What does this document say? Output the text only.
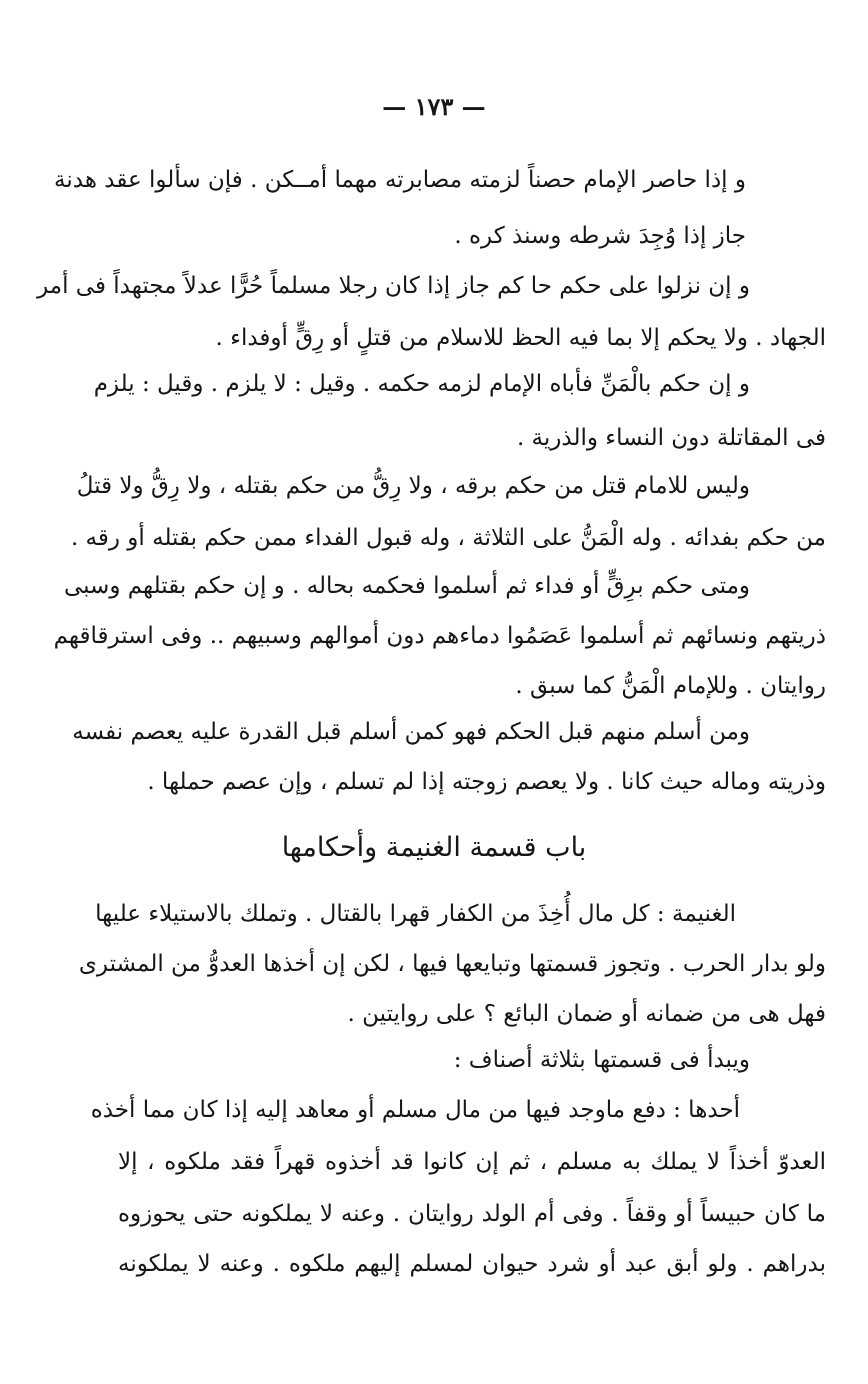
— ١٧٣ —
و إذا حاصر الإمام حصناً لزمته مصابرته مهما أمــكن . فإن سألوا عقد هدنة
جاز إذا وُجِدَ شرطه وسنذ كره .
و إن نزلوا على حكم حا كم جاز إذا كان رجلا مسلماً حُرًّا عدلاً مجتهداً فى أمر
الجهاد . ولا يحكم إلا بما فيه الحظ للاسلام من قتلٍ أو رِقٍّ أوفداء .
و إن حكم بالْمَنِّ فأباه الإمام لزمه حكمه . وقيل : لا يلزم . وقيل : يلزم
فى المقاتلة دون النساء والذرية .
وليس للامام قتل من حكم برقه ، ولا رِقُّ من حكم بقتله ، ولا رِقُّ ولا قتلُ
من حكم بفدائه . وله الْمَنُّ على الثلاثة ، وله قبول الفداء ممن حكم بقتله أو رقه .
ومتى حكم برِقٍّ أو فداء ثم أسلموا فحكمه بحاله . و إن حكم بقتلهم وسبى
ذريتهم ونسائهم ثم أسلموا عَصَمُوا دماءهم دون أموالهم وسبيهم .. وفى استرقاقهم
روايتان . وللإمام الْمَنُّ كما سبق .
ومن أسلم منهم قبل الحكم فهو كمن أسلم قبل القدرة عليه يعصم نفسه
وذريته وماله حيث كانا . ولا يعصم زوجته إذا لم تسلم ، وإن عصم حملها .
باب قسمة الغنيمة وأحكامها
الغنيمة : كل مال أُخِذَ من الكفار قهرا بالقتال . وتملك بالاستيلاء عليها
ولو بدار الحرب . وتجوز قسمتها وتبايعها فيها ، لكن إن أخذها العدوُّ من المشترى
فهل هى من ضمانه أو ضمان البائع ؟ على روايتين .
ويبدأ فى قسمتها بثلاثة أصناف :
أحدها : دفع ماوجد فيها من مال مسلم أو معاهد إليه إذا كان مما أخذه
العدوّ أخذاً لا يملك به مسلم ، ثم إن كانوا قد أخذوه قهراً فقد ملكوه ، إلا
ما كان حبيساً أو وقفاً . وفى أم الولد روايتان . وعنه لا يملكونه حتى يحوزوه
بدراهم . ولو أبق عبد أو شرد حيوان لمسلم إليهم ملكوه . وعنه لا يملكونه
